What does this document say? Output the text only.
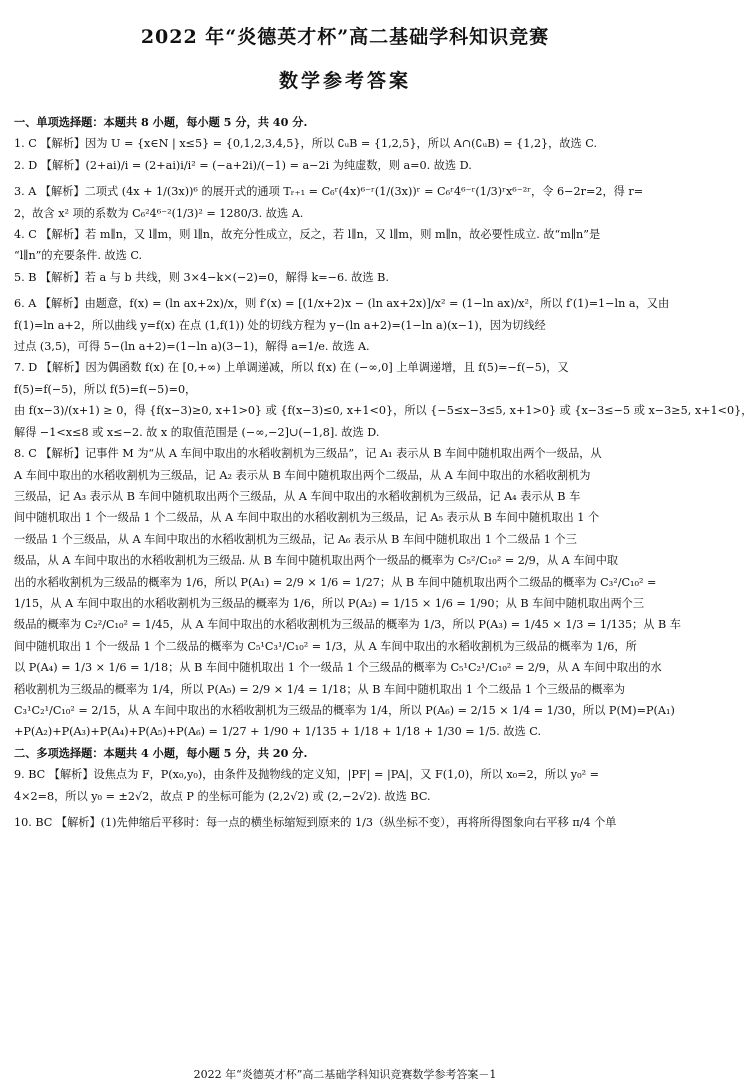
2022 年“炎德英才杯”高二基础学科知识竞赛
数学参考答案
一、单项选择题：本题共 8 小题，每小题 5 分，共 40 分.
1. C 【解析】因为 U = {x∈N | x≤5} = {0,1,2,3,4,5}，所以 ∁ᵤB = {1,2,5}，所以 A∩(∁ᵤB) = {1,2}，故选 C.
2. D 【解析】(2+ai)/i = (2+ai)i/i² = (−a+2i)/(−1) = a−2i 为纯虚数，则 a=0. 故选 D.
3. A 【解析】二项式 (4x + 1/(3x))⁶ 的展开式的通项 Tᵣ₊₁ = C₆ʳ(4x)⁶⁻ʳ(1/(3x))ʳ = C₆ʳ4⁶⁻ʳ(1/3)ʳx⁶⁻²ʳ，令 6−2r=2，得 r=
2，故含 x² 项的系数为 C₆²4⁶⁻²(1/3)² = 1280/3. 故选 A.
4. C 【解析】若 m∥n，又 l∥m，则 l∥n，故充分性成立，反之，若 l∥n，又 l∥m，则 m∥n，故必要性成立. 故“m∥n”是
“l∥n”的充要条件. 故选 C.
5. B 【解析】若 a 与 b 共线，则 3×4−k×(−2)=0，解得 k=−6. 故选 B.
6. A 【解析】由题意，f(x) = (ln ax+2x)/x，则 f′(x) = [(1/x+2)x − (ln ax+2x)]/x² = (1−ln ax)/x²，所以 f′(1)=1−ln a，又由
f(1)=ln a+2，所以曲线 y=f(x) 在点 (1,f(1)) 处的切线方程为 y−(ln a+2)=(1−ln a)(x−1)，因为切线经
过点 (3,5)，可得 5−(ln a+2)=(1−ln a)(3−1)，解得 a=1/e. 故选 A.
7. D 【解析】因为偶函数 f(x) 在 [0,+∞) 上单调递减，所以 f(x) 在 (−∞,0] 上单调递增，且 f(5)=−f(−5)，又
f(5)=f(−5)，所以 f(5)=f(−5)=0，
由 f(x−3)/(x+1) ≥ 0，得 {f(x−3)≥0, x+1>0} 或 {f(x−3)≤0, x+1<0}，所以 {−5≤x−3≤5, x+1>0} 或 {x−3≤−5 或 x−3≥5, x+1<0}，
解得 −1<x≤8 或 x≤−2. 故 x 的取值范围是 (−∞,−2]∪(−1,8]. 故选 D.
8. C 【解析】记事件 M 为“从 A 车间中取出的水稻收割机为三级品”，记 A₁ 表示从 B 车间中随机取出两个一级品，从
A 车间中取出的水稻收割机为三级品，记 A₂ 表示从 B 车间中随机取出两个二级品，从 A 车间中取出的水稻收割机为
三级品，记 A₃ 表示从 B 车间中随机取出两个三级品，从 A 车间中取出的水稻收割机为三级品，记 A₄ 表示从 B 车
间中随机取出 1 个一级品 1 个二级品，从 A 车间中取出的水稻收割机为三级品，记 A₅ 表示从 B 车间中随机取出 1 个
一级品 1 个三级品，从 A 车间中取出的水稻收割机为三级品，记 A₆ 表示从 B 车间中随机取出 1 个二级品 1 个三
级品，从 A 车间中取出的水稻收割机为三级品. 从 B 车间中随机取出两个一级品的概率为 C₅²/C₁₀² = 2/9，从 A 车间中取
出的水稻收割机为三级品的概率为 1/6，所以 P(A₁) = 2/9 × 1/6 = 1/27；从 B 车间中随机取出两个二级品的概率为 C₃²/C₁₀² =
1/15，从 A 车间中取出的水稻收割机为三级品的概率为 1/6，所以 P(A₂) = 1/15 × 1/6 = 1/90；从 B 车间中随机取出两个三
级品的概率为 C₂²/C₁₀² = 1/45，从 A 车间中取出的水稻收割机为三级品的概率为 1/3，所以 P(A₃) = 1/45 × 1/3 = 1/135；从 B 车
间中随机取出 1 个一级品 1 个二级品的概率为 C₅¹C₃¹/C₁₀² = 1/3，从 A 车间中取出的水稻收割机为三级品的概率为 1/6，所
以 P(A₄) = 1/3 × 1/6 = 1/18；从 B 车间中随机取出 1 个一级品 1 个三级品的概率为 C₅¹C₂¹/C₁₀² = 2/9，从 A 车间中取出的水
稻收割机为三级品的概率为 1/4，所以 P(A₅) = 2/9 × 1/4 = 1/18；从 B 车间中随机取出 1 个二级品 1 个三级品的概率为
C₃¹C₂¹/C₁₀² = 2/15，从 A 车间中取出的水稻收割机为三级品的概率为 1/4，所以 P(A₆) = 2/15 × 1/4 = 1/30，所以 P(M)=P(A₁)
+P(A₂)+P(A₃)+P(A₄)+P(A₅)+P(A₆) = 1/27 + 1/90 + 1/135 + 1/18 + 1/18 + 1/30 = 1/5. 故选 C.
二、多项选择题：本题共 4 小题，每小题 5 分，共 20 分.
9. BC 【解析】设焦点为 F，P(x₀,y₀)，由条件及抛物线的定义知，|PF| = |PA|，又 F(1,0)，所以 x₀=2，所以 y₀² =
4×2=8，所以 y₀ = ±2√2，故点 P 的坐标可能为 (2,2√2) 或 (2,−2√2). 故选 BC.
10. BC 【解析】(1)先伸缩后平移时：每一点的横坐标缩短到原来的 1/3（纵坐标不变），再将所得图象向右平移 π/4 个单
2022 年“炎德英才杯”高二基础学科知识竞赛数学参考答案－1
